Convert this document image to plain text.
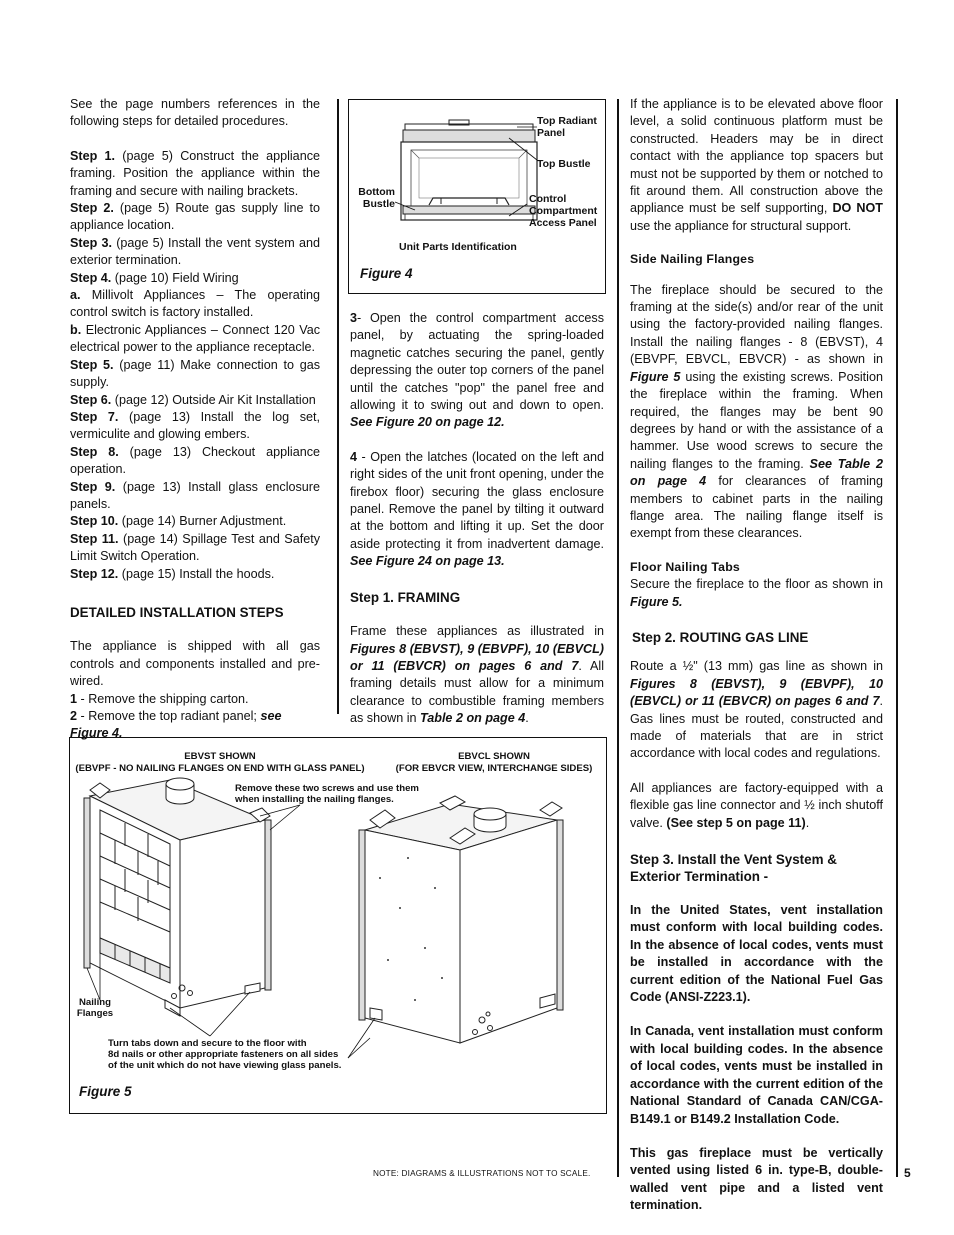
See the page numbers references in the following steps for detailed procedures.

Step 1. (page 5) Construct the appliance framing. Position the appliance within the framing and secure with nailing brackets.

Step 2. (page 5) Route gas supply line to appliance location.

Step 3. (page 5) Install the vent system and exterior termination.

Step 4. (page 10) Field Wiring

a. Millivolt Appliances – The operating control switch is factory installed.

b. Electronic Appliances – Connect 120 Vac electrical power to the appliance receptacle.

Step 5. (page 11) Make connection to gas supply.

Step 6. (page 12) Outside Air Kit Installation

Step 7. (page 13) Install the log set, vermiculite and glowing embers.

Step 8. (page 13) Checkout appliance operation.

Step 9. (page 13) Install glass enclosure panels.

Step 10. (page 14) Burner Adjustment.

Step 11. (page 14) Spillage Test and Safety Limit Switch Operation.

Step 12. (page 15) Install the hoods.

DETAILED INSTALLATION STEPS

The appliance is shipped with all gas controls and components installed and pre-wired.

1 - Remove the shipping carton.

2 - Remove the top radiant panel; see Figure 4.

Top Radiant Panel
Top Bustle
Bottom Bustle	Control Compartment Access Panel
Unit Parts Identification
Figure 4

3- Open the control compartment access panel, by actuating the spring-loaded magnetic catches securing the panel, gently depressing the outer top corners of the panel until the catches "pop" the panel free and allowing it to swing out and down to open. See Figure 20 on page 12.

4 - Open the latches (located on the left and right sides of the unit front opening, under the firebox floor) securing the glass enclosure panel. Remove the panel by tilting it outward at the bottom and lifting it up. Set the door aside protecting it from inadvertent damage. See Figure 24 on page 13.

Step 1. FRAMING

Frame these appliances as illustrated in Figures 8 (EBVST), 9 (EBVPF), 10 (EBVCL) or 11 (EBVCR) on pages 6 and 7. All framing details must allow for a minimum clearance to combustible framing members as shown in Table 2 on page 4.

If the appliance is to be elevated above floor level, a solid continuous platform must be constructed. Headers may be in direct contact with the appliance top spacers but must not be supported by them or notched to fit around them. All construction above the appliance must be self supporting, DO NOT use the appliance for structural support.

Side Nailing Flanges

The fireplace should be secured to the framing at the side(s) and/or rear of the unit using the factory-provided nailing flanges. Install the nailing flanges - 8 (EBVST), 4 (EBVPF, EBVCL, EBVCR) - as shown in Figure 5 using the existing screws. Position the fireplace within the framing. When required, the flanges may be bent 90 degrees by hand or with the assistance of a hammer. Use wood screws to secure the nailing flanges to the framing. See Table 2 on page 4 for clearances of framing members to cabinet parts in the nailing flange area. The nailing flange itself is exempt from these clearances.

Floor Nailing Tabs

Secure the fireplace to the floor as shown in Figure 5.

Step 2. ROUTING GAS LINE

Route a ½" (13 mm) gas line as shown in Figures 8 (EBVST), 9 (EBVPF), 10 (EBVCL) or 11 (EBVCR) on pages 6 and 7. Gas lines must be routed, constructed and made of materials that are in strict accordance with local codes and regulations.

All appliances are factory-equipped with a flexible gas line connector and ½ inch shutoff valve. (See step 5 on page 11).

Step 3. Install the Vent System &
Exterior Termination -

In the United States, vent installation must conform with local building codes. In the absence of local codes, vents must be installed in accordance with the current edition of the National Fuel Gas Code (ANSI-Z223.1).

In Canada, vent installation must conform with local building codes. In the absence of local codes, vents must be installed in accordance with the current edition of the National Standard of Canada CAN/CGA-B149.1 or B149.2 Installation Code.

This gas fireplace must be vertically vented using listed 6 in. type-B, double-walled vent pipe and a listed vent termination.

EBVST SHOWN
(EBVPF - NO NAILING FLANGES ON END WITH GLASS PANEL)
EBVCL SHOWN
(FOR EBVCR VIEW, INTERCHANGE SIDES)
Remove these two screws and use them
when installing the nailing flanges.
Nailing Flanges
Turn tabs down and secure to the floor with
8d nails or other appropriate fasteners on all sides
of the unit which do not have viewing glass panels.
Figure 5
NOTE: DIAGRAMS & ILLUSTRATIONS NOT TO SCALE.	5
